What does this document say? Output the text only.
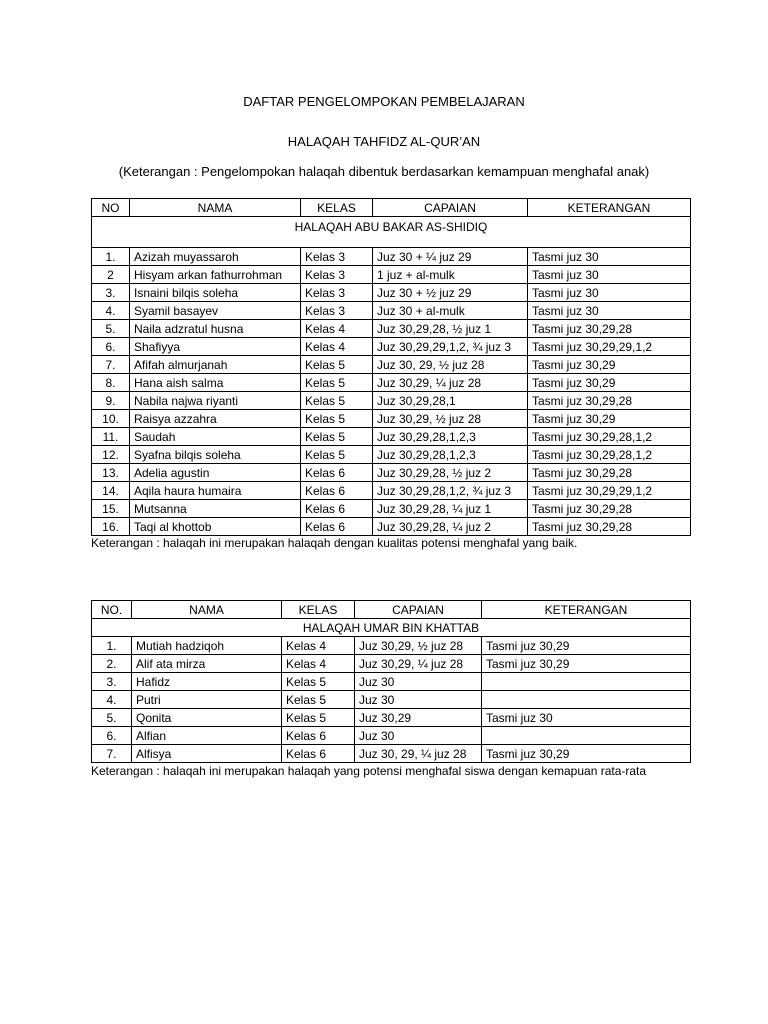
DAFTAR PENGELOMPOKAN PEMBELAJARAN
HALAQAH TAHFIDZ AL-QUR’AN

(Keterangan : Pengelompokan halaqah dibentuk berdasarkan kemampuan menghafal anak)

HALAQAH ABU BAKAR AS-SHIDIQ				
NO	NAMA	KELAS	CAPAIAN	KETERANGAN
1.	Azizah muyassaroh	Kelas 3	Juz 30 + ¼ juz 29	Tasmi juz 30
2	Hisyam arkan fathurrohman	Kelas 3	1 juz + al-mulk	Tasmi juz 30
3.	Isnaini bilqis soleha	Kelas 3	Juz 30 + ½ juz 29	Tasmi juz 30
4.	Syamil basayev	Kelas 3	Juz 30 + al-mulk	Tasmi juz 30
5.	Naila adzratul husna	Kelas 4	Juz 30,29,28, ½ juz 1	Tasmi juz 30,29,28
6.	Shafiyya	Kelas 4	Juz 30,29,29,1,2, ¾ juz 3	Tasmi juz 30,29,29,1,2
7.	Afifah almurjanah	Kelas 5	Juz 30, 29, ½ juz 28	Tasmi juz 30,29
8.	Hana aish salma	Kelas 5	Juz 30,29, ¼ juz 28	Tasmi juz 30,29
9.	Nabila najwa riyanti	Kelas 5	Juz 30,29,28,1	Tasmi juz 30,29,28
10.	Raisya azzahra	Kelas 5	Juz 30,29, ½ juz 28	Tasmi juz 30,29
11.	Saudah	Kelas 5	Juz 30,29,28,1,2,3	Tasmi juz 30,29,28,1,2
12.	Syafna bilqis soleha	Kelas 5	Juz 30,29,28,1,2,3	Tasmi juz 30,29,28,1,2
13.	Adelia agustin	Kelas 6	Juz 30,29,28, ½ juz 2	Tasmi juz 30,29,28
14.	Aqila haura humaira	Kelas 6	Juz 30,29,28,1,2, ¾ juz 3	Tasmi juz 30,29,29,1,2
15.	Mutsanna	Kelas 6	Juz 30,29,28, ¼ juz 1	Tasmi juz 30,29,28
16.	Taqi al khottob	Kelas 6	Juz 30,29,28, ¼ juz 2	Tasmi juz 30,29,28

Keterangan : halaqah ini merupakan halaqah dengan kualitas potensi menghafal yang baik.

HALAQAH UMAR BIN KHATTAB				
NO.	NAMA	KELAS	CAPAIAN	KETERANGAN
1.	Mutiah hadziqoh	Kelas 4	Juz 30,29, ½ juz 28	Tasmi juz 30,29
2.	Alif ata mirza	Kelas 4	Juz 30,29, ¼ juz 28	Tasmi juz 30,29
3.	Hafidz	Kelas 5	Juz 30	
4.	Putri	Kelas 5	Juz 30	
5.	Qonita	Kelas 5	Juz 30,29	Tasmi juz 30
6.	Alfian	Kelas 6	Juz 30	
7.	Alfisya	Kelas 6	Juz 30, 29, ¼ juz 28	Tasmi juz 30,29

Keterangan : halaqah ini merupakan halaqah yang potensi menghafal siswa dengan kemapuan rata-rata
